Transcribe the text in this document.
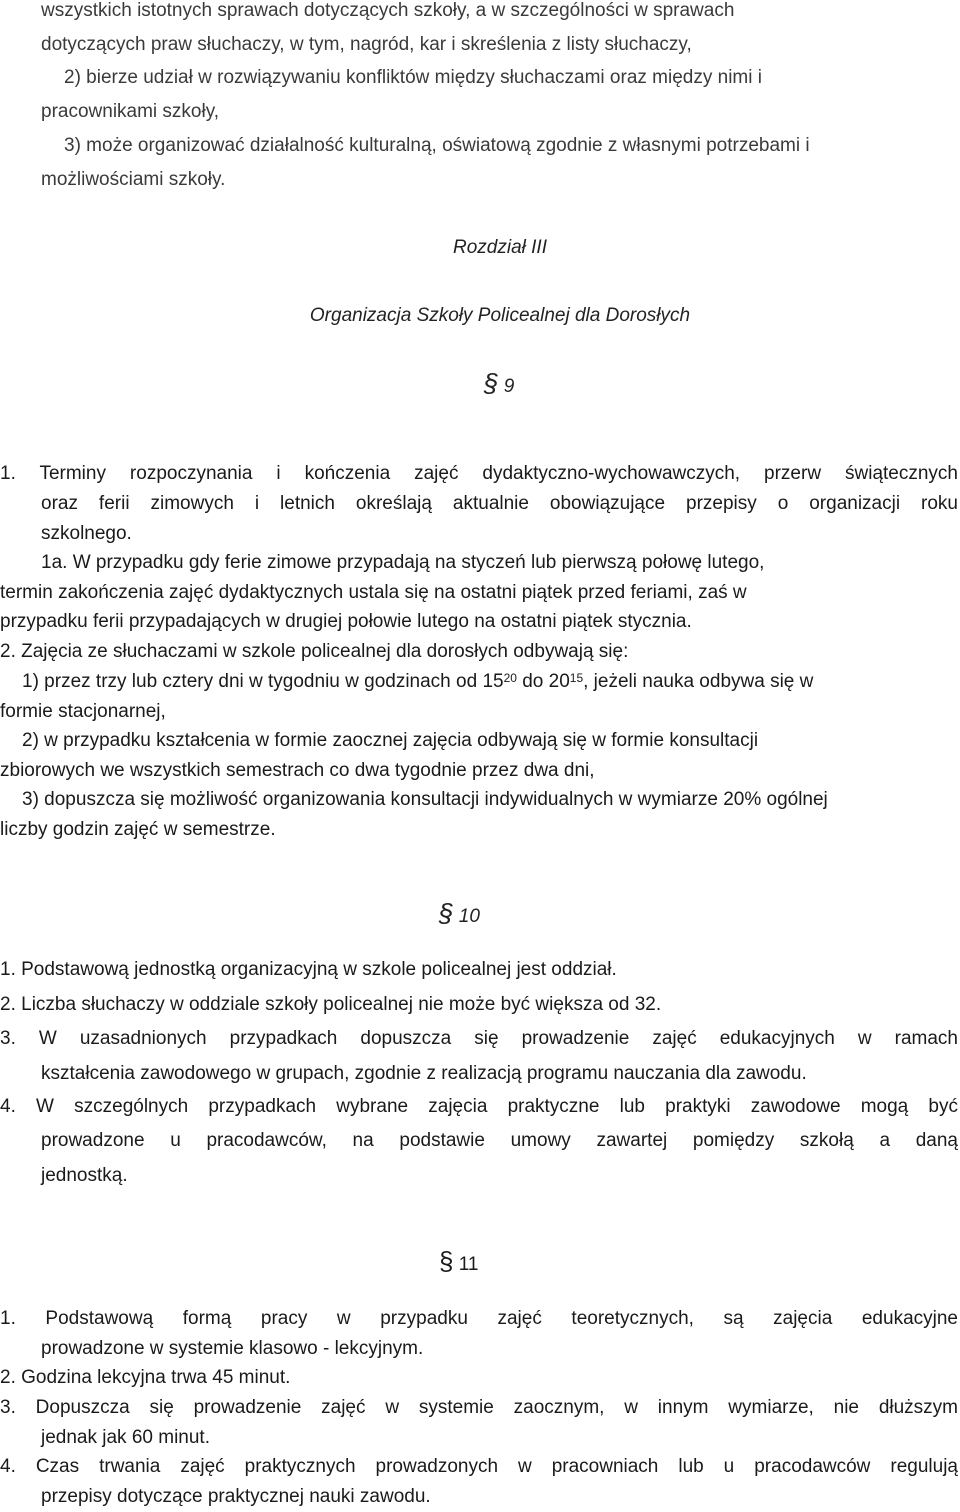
wszystkich istotnych sprawach dotyczących szkoły, a w szczególności w sprawach
dotyczących praw słuchaczy, w tym, nagród, kar i skreślenia z listy słuchaczy,
2) bierze udział w rozwiązywaniu konfliktów między słuchaczami oraz między nimi i
pracownikami szkoły,
3) może organizować działalność kulturalną, oświatową zgodnie z własnymi potrzebami i
możliwościami szkoły.
Rozdział III
Organizacja Szkoły Policealnej dla Dorosłych
§ 9
1. Terminy rozpoczynania i kończenia zajęć dydaktyczno-wychowawczych, przerw świątecznych
oraz ferii zimowych i letnich określają aktualnie obowiązujące przepisy o organizacji roku
szkolnego.
1a. W przypadku gdy ferie zimowe przypadają na styczeń lub pierwszą połowę lutego,
termin zakończenia zajęć dydaktycznych ustala się na ostatni piątek przed feriami, zaś w
przypadku ferii przypadających w drugiej połowie lutego na ostatni piątek stycznia.
2. Zajęcia ze słuchaczami w szkole policealnej dla dorosłych odbywają się:
1) przez trzy lub cztery dni w tygodniu w godzinach od $15^{20}$ do $20^{15}$, jeżeli nauka odbywa się w
formie stacjonarnej,
2) w przypadku kształcenia w formie zaocznej zajęcia odbywają się w formie konsultacji
zbiorowych we wszystkich semestrach co dwa tygodnie przez dwa dni,
3) dopuszcza się możliwość organizowania konsultacji indywidualnych w wymiarze 20% ogólnej
liczby godzin zajęć w semestrze.
§ 10
1. Podstawową jednostką organizacyjną w szkole policealnej jest oddział.
2. Liczba słuchaczy w oddziale szkoły policealnej nie może być większa od 32.
3. W uzasadnionych przypadkach dopuszcza się prowadzenie zajęć edukacyjnych w ramach
kształcenia zawodowego w grupach, zgodnie z realizacją programu nauczania dla zawodu.
4. W szczególnych przypadkach wybrane zajęcia praktyczne lub praktyki zawodowe mogą być
prowadzone u pracodawców, na podstawie umowy zawartej pomiędzy szkołą a daną
jednostką.
§ 11
1. Podstawową formą pracy w przypadku zajęć teoretycznych, są zajęcia edukacyjne
prowadzone w systemie klasowo - lekcyjnym.
2. Godzina lekcyjna trwa 45 minut.
3. Dopuszcza się prowadzenie zajęć w systemie zaocznym, w innym wymiarze, nie dłuższym
jednak jak 60 minut.
4. Czas trwania zajęć praktycznych prowadzonych w pracowniach lub u pracodawców regulują
przepisy dotyczące praktycznej nauki zawodu.
